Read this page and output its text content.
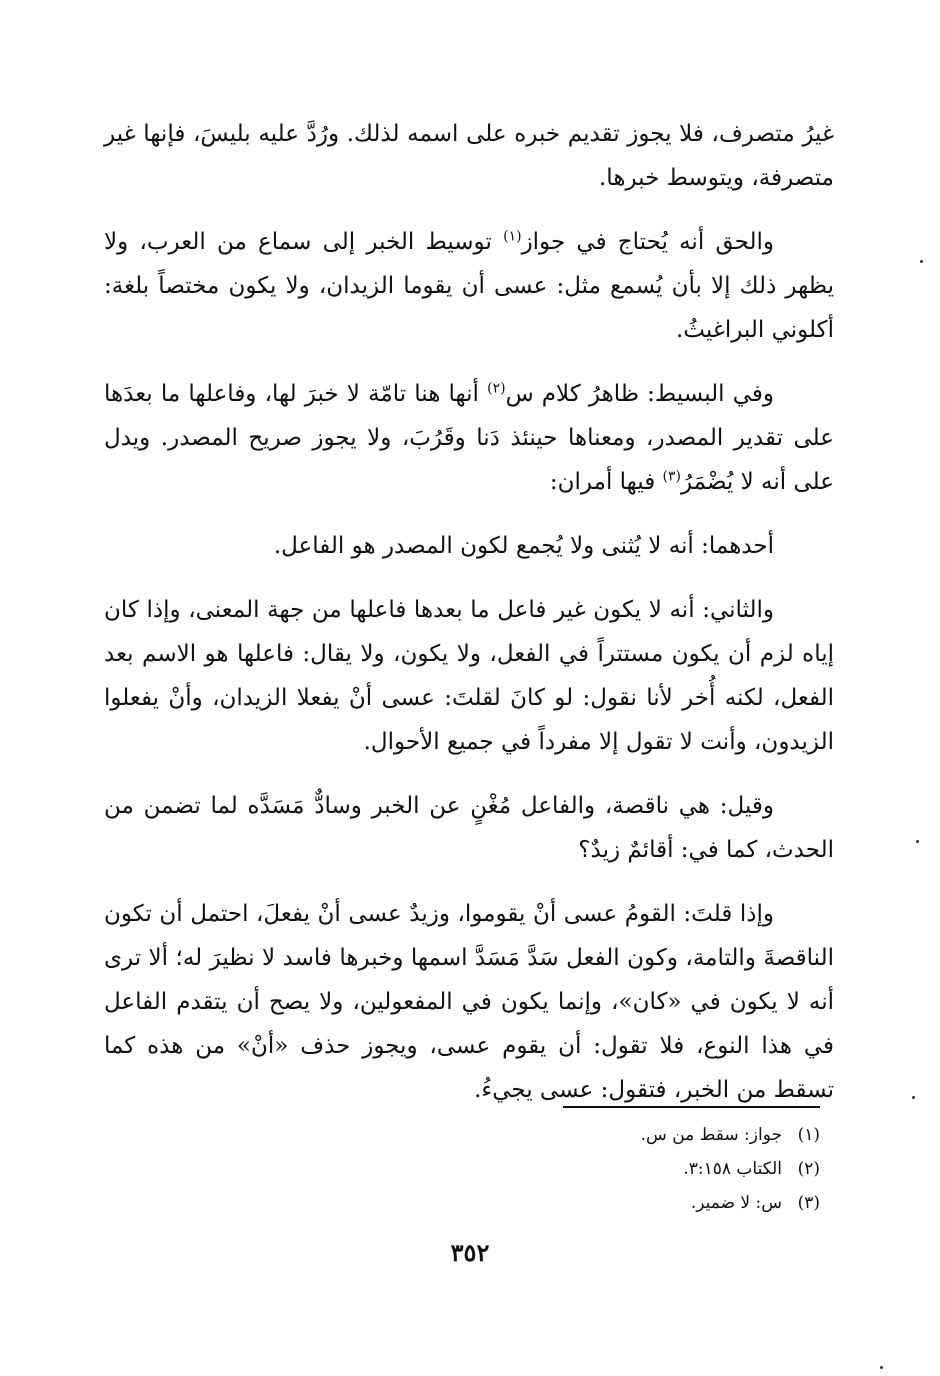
غيرُ متصرف، فلا يجوز تقديم خبره على اسمه لذلك. ورُدَّ عليه بليسَ، فإنها غير متصرفة، ويتوسط خبرها.

والحق أنه يُحتاج في جواز$^{(١)}$ توسيط الخبر إلى سماع من العرب، ولا يظهر ذلك إلا بأن يُسمع مثل: عسى أن يقوما الزيدان، ولا يكون مختصاً بلغة: أكلوني البراغيثُ.

وفي البسيط: ظاهرُ كلام س$^{(٢)}$ أنها هنا تامّة لا خبرَ لها، وفاعلها ما بعدَها على تقدير المصدر، ومعناها حينئذ دَنا وقَرُبَ، ولا يجوز صريح المصدر. ويدل على أنه لا يُضْمَرُ$^{(٣)}$ فيها أمران:

أحدهما: أنه لا يُثنى ولا يُجمع لكون المصدر هو الفاعل.

والثاني: أنه لا يكون غير فاعل ما بعدها فاعلها من جهة المعنى، وإذا كان إياه لزم أن يكون مستتراً في الفعل، ولا يكون، ولا يقال: فاعلها هو الاسم بعد الفعل، لكنه أُخر لأنا نقول: لو كانَ لقلتَ: عسى أنْ يفعلا الزيدان، وأنْ يفعلوا الزيدون، وأنت لا تقول إلا مفرداً في جميع الأحوال.

وقيل: هي ناقصة، والفاعل مُغْنٍ عن الخبر وسادٌّ مَسَدَّه لما تضمن من الحدث، كما في: أقائمٌ زيدٌ؟

وإذا قلتَ: القومُ عسى أنْ يقوموا، وزيدٌ عسى أنْ يفعلَ، احتمل أن تكون الناقصةَ والتامة، وكون الفعل سَدَّ مَسَدَّ اسمها وخبرها فاسد لا نظيرَ له؛ ألا ترى أنه لا يكون في «كان»، وإنما يكون في المفعولين، ولا يصح أن يتقدم الفاعل في هذا النوع، فلا تقول: أن يقوم عسى، ويجوز حذف «أنْ» من هذه كما تسقط من الخبر، فتقول: عسى يجيءُ.

(١)جواز: سقط من س.
(٢)الكتاب ٣:١٥٨.
(٣)س: لا ضمير.
٣٥٢
